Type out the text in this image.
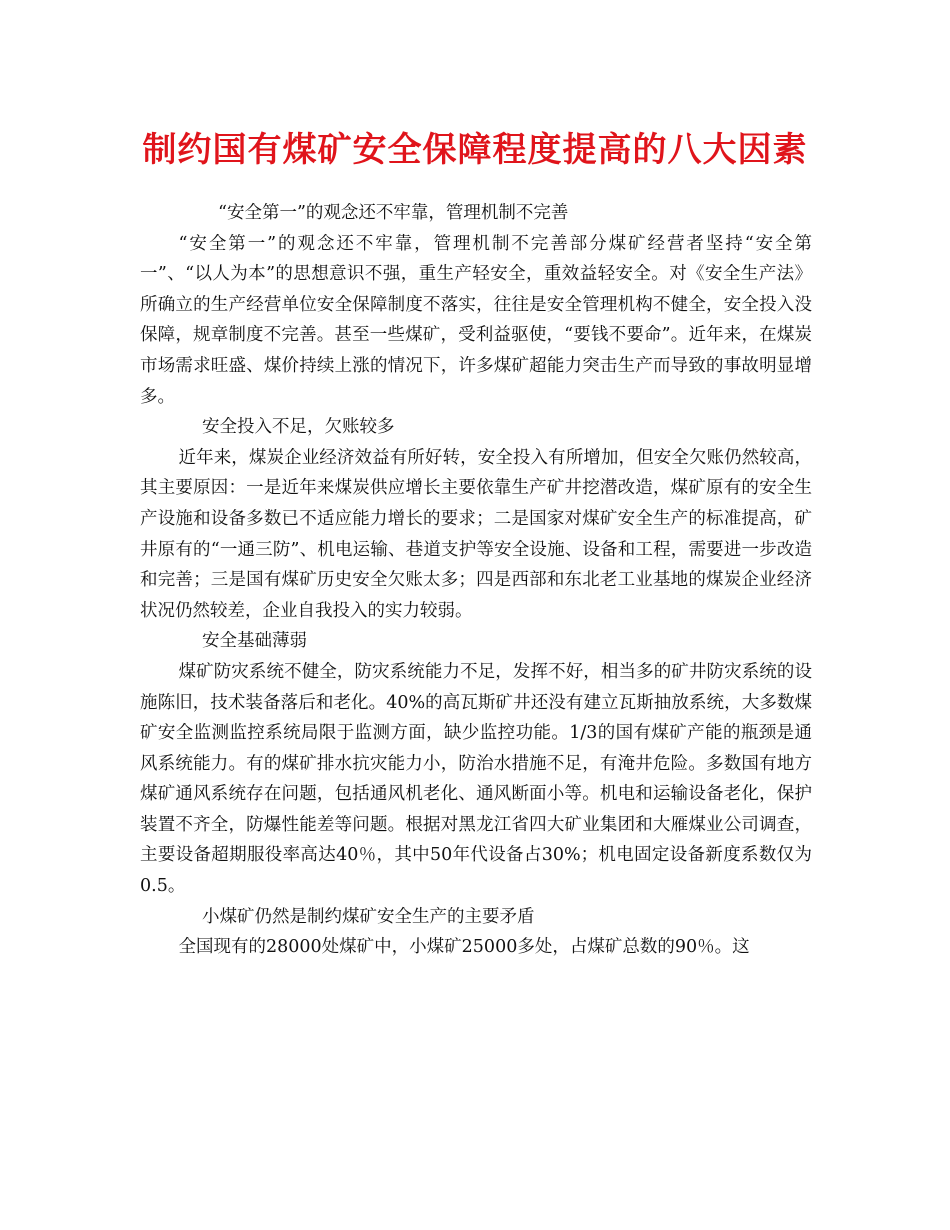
制约国有煤矿安全保障程度提高的八大因素

“安全第一”的观念还不牢靠，管理机制不完善

“安全第一”的观念还不牢靠，管理机制不完善部分煤矿经营者坚持“安全第一”、“以人为本”的思想意识不强，重生产轻安全，重效益轻安全。对《安全生产法》所确立的生产经营单位安全保障制度不落实，往往是安全管理机构不健全，安全投入没保障，规章制度不完善。甚至一些煤矿，受利益驱使，“要钱不要命”。近年来，在煤炭市场需求旺盛、煤价持续上涨的情况下，许多煤矿超能力突击生产而导致的事故明显增多。

安全投入不足，欠账较多

近年来，煤炭企业经济效益有所好转，安全投入有所增加，但安全欠账仍然较高，其主要原因：一是近年来煤炭供应增长主要依靠生产矿井挖潜改造，煤矿原有的安全生产设施和设备多数已不适应能力增长的要求；二是国家对煤矿安全生产的标准提高，矿井原有的“一通三防”、机电运输、巷道支护等安全设施、设备和工程，需要进一步改造和完善；三是国有煤矿历史安全欠账太多；四是西部和东北老工业基地的煤炭企业经济状况仍然较差，企业自我投入的实力较弱。

安全基础薄弱

煤矿防灾系统不健全，防灾系统能力不足，发挥不好，相当多的矿井防灾系统的设施陈旧，技术装备落后和老化。40%的高瓦斯矿井还没有建立瓦斯抽放系统，大多数煤矿安全监测监控系统局限于监测方面，缺少监控功能。1/3的国有煤矿产能的瓶颈是通风系统能力。有的煤矿排水抗灾能力小，防治水措施不足，有淹井危险。多数国有地方煤矿通风系统存在问题，包括通风机老化、通风断面小等。机电和运输设备老化，保护装置不齐全，防爆性能差等问题。根据对黑龙江省四大矿业集团和大雁煤业公司调查，主要设备超期服役率高达40％，其中50年代设备占30%；机电固定设备新度系数仅为0.5。

小煤矿仍然是制约煤矿安全生产的主要矛盾

全国现有的28000处煤矿中，小煤矿25000多处，占煤矿总数的90％。这
